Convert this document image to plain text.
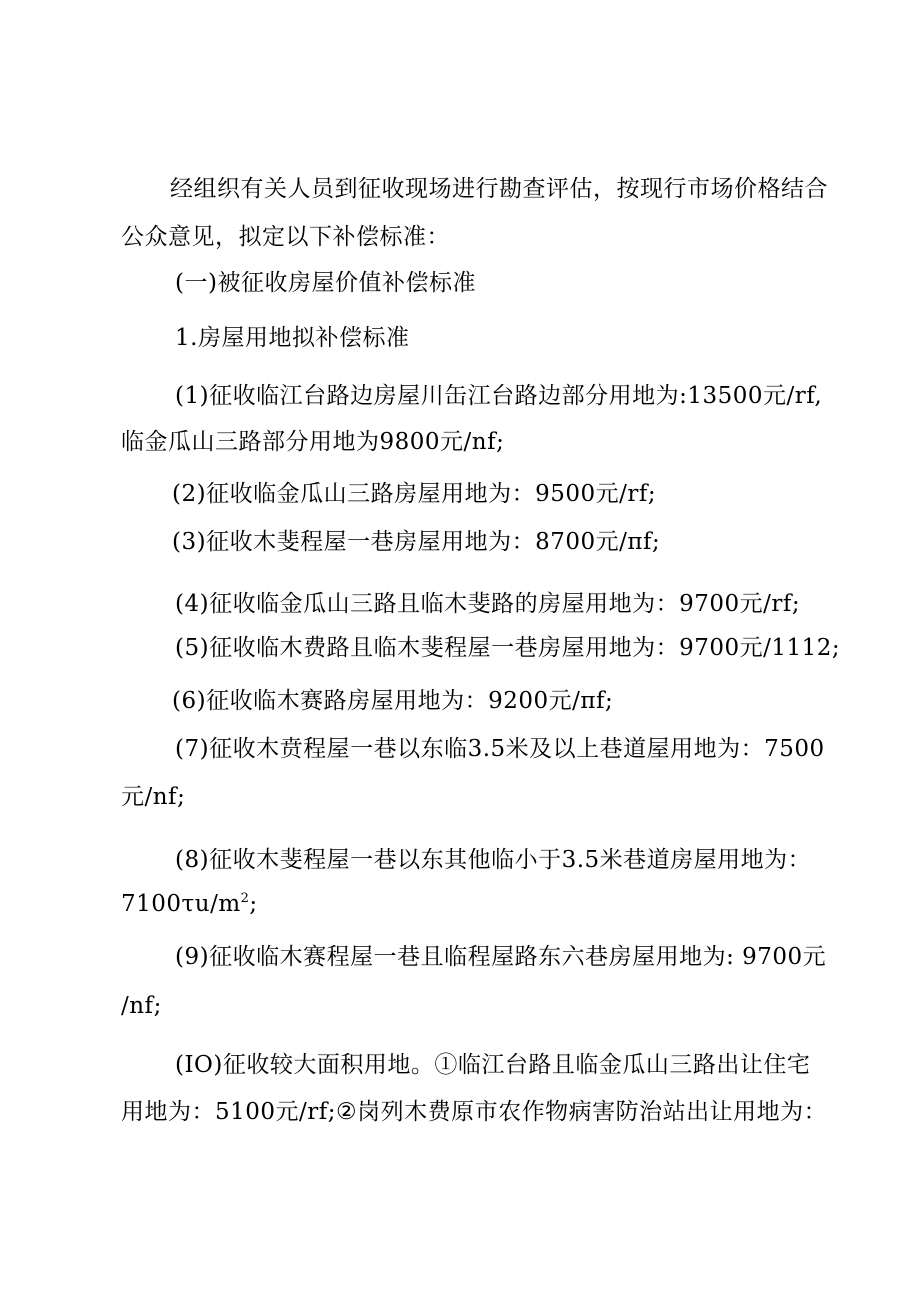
经组织有关人员到征收现场进行勘查评估，按现行市场价格结合
公众意见，拟定以下补偿标准：
(一)被征收房屋价值补偿标准
1.房屋用地拟补偿标准
(1)征收临江台路边房屋川缶江台路边部分用地为:13500元/rf,
临金瓜山三路部分用地为9800元/nf;
(2)征收临金瓜山三路房屋用地为：9500元/rf;
(3)征收木斐程屋一巷房屋用地为：8700元/πf;
(4)征收临金瓜山三路且临木斐路的房屋用地为：9700元/rf;
(5)征收临木费路且临木斐程屋一巷房屋用地为：9700元/1112;
(6)征收临木赛路房屋用地为：9200元/πf;
(7)征收木贲程屋一巷以东临3.5米及以上巷道屋用地为：7500
元/nf;
(8)征收木斐程屋一巷以东其他临小于3.5米巷道房屋用地为：
$7100\tau u/m^2$;
(9)征收临木赛程屋一巷且临程屋路东六巷房屋用地为: 9700元
/nf;
(IO)征收较大面积用地。①临江台路且临金瓜山三路出让住宅
用地为：5100元/rf;②岗列木费原市农作物病害防治站出让用地为：
